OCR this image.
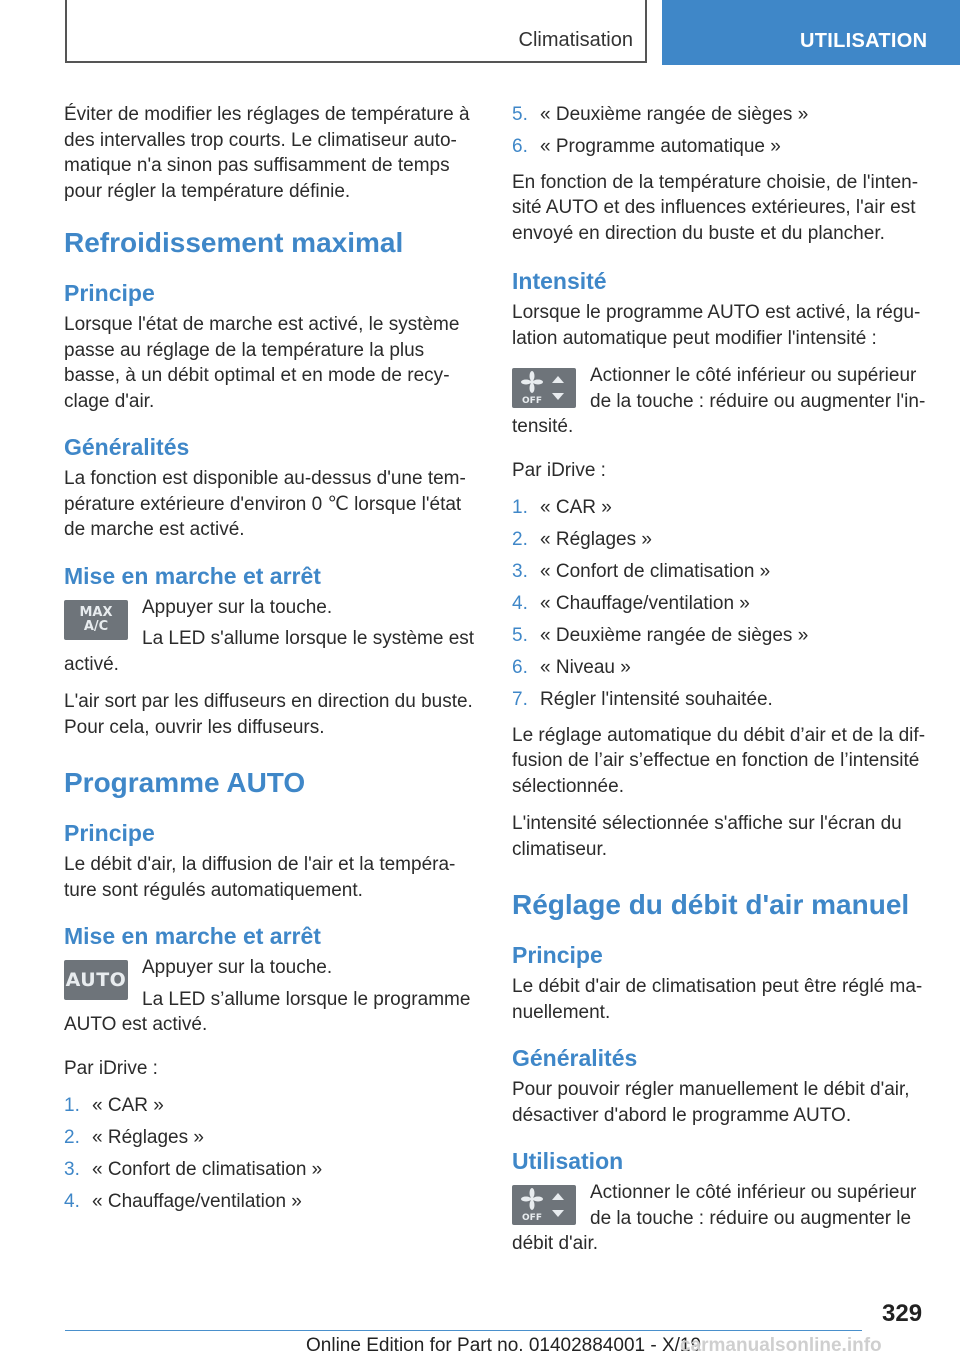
Climatisation	UTILISATION

Éviter de modifier les réglages de température à des intervalles trop courts. Le climatiseur automatique n'a sinon pas suffisamment de temps pour régler la température définie.

Refroidissement maximal
Principe

Lorsque l'état de marche est activé, le système passe au réglage de la température la plus basse, à un débit optimal et en mode de recyclage d'air.

Généralités

La fonction est disponible au-dessus d'une température extérieure d'environ 0 ℃ lorsque l'état de marche est activé.

Mise en marche et arrêt
MAX
A/C
Appuyer sur la touche.
La LED s'allume lorsque le système est activé.

L'air sort par les diffuseurs en direction du buste. Pour cela, ouvrir les diffuseurs.

Programme AUTO
Principe

Le débit d'air, la diffusion de l'air et la température sont régulés automatiquement.

Mise en marche et arrêt
AUTO
Appuyer sur la touche.
La LED s’allume lorsque le programme AUTO est activé.

Par iDrive :

1. « CAR »
2. « Réglages »
3. « Confort de climatisation »
4. « Chauffage/ventilation »
5. « Deuxième rangée de sièges »
6. « Programme automatique »

En fonction de la température choisie, de l'intensité AUTO et des influences extérieures, l'air est envoyé en direction du buste et du plancher.

Intensité

Lorsque le programme AUTO est activé, la régulation automatique peut modifier l'intensité :

OFF
Actionner le côté inférieur ou supérieur de la touche : réduire ou augmenter l'intensité.

Par iDrive :

1. « CAR »
2. « Réglages »
3. « Confort de climatisation »
4. « Chauffage/ventilation »
5. « Deuxième rangée de sièges »
6. « Niveau »
7. Régler l'intensité souhaitée.

Le réglage automatique du débit d’air et de la diffusion de l’air s’effectue en fonction de l’intensité sélectionnée.

L'intensité sélectionnée s'affiche sur l'écran du climatiseur.

Réglage du débit d'air manuel
Principe

Le débit d'air de climatisation peut être réglé manuellement.

Généralités

Pour pouvoir régler manuellement le débit d'air, désactiver d'abord le programme AUTO.

Utilisation
OFF
Actionner le côté inférieur ou supérieur de la touche : réduire ou augmenter le débit d'air.
329
Online Edition for Part no. 01402884001 - X/19
carmanualsonline.info
